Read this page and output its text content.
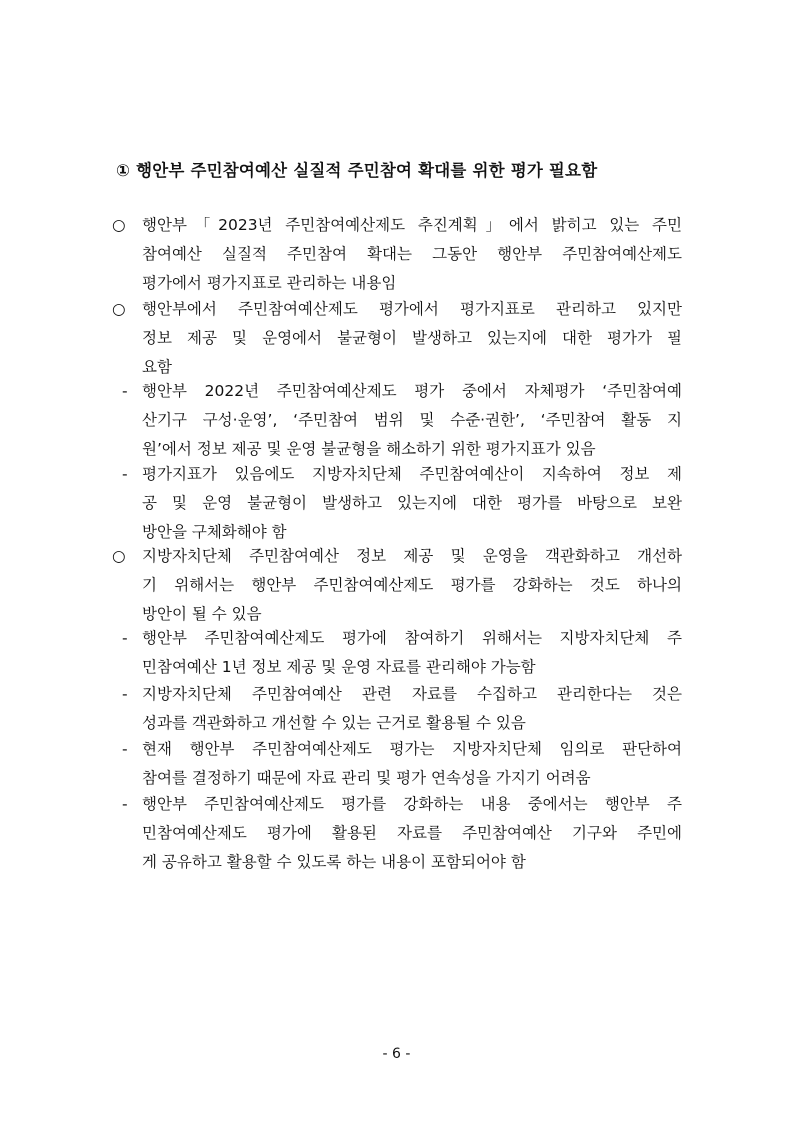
① 행안부 주민참여예산 실질적 주민참여 확대를 위한 평가 필요함
○ 행안부「2023년 주민참여예산제도 추진계획」에서 밝히고 있는 주민
참여예산 실질적 주민참여 확대는 그동안 행안부 주민참여예산제도
평가에서 평가지표로 관리하는 내용임
○ 행안부에서 주민참여예산제도 평가에서 평가지표로 관리하고 있지만
정보 제공 및 운영에서 불균형이 발생하고 있는지에 대한 평가가 필
요함
- 행안부 2022년 주민참여예산제도 평가 중에서 자체평가 ‘주민참여예
산기구 구성·운영’, ‘주민참여 범위 및 수준·권한’, ‘주민참여 활동 지
원’에서 정보 제공 및 운영 불균형을 해소하기 위한 평가지표가 있음
- 평가지표가 있음에도 지방자치단체 주민참여예산이 지속하여 정보 제
공 및 운영 불균형이 발생하고 있는지에 대한 평가를 바탕으로 보완
방안을 구체화해야 함
○ 지방자치단체 주민참여예산 정보 제공 및 운영을 객관화하고 개선하
기 위해서는 행안부 주민참여예산제도 평가를 강화하는 것도 하나의
방안이 될 수 있음
- 행안부 주민참여예산제도 평가에 참여하기 위해서는 지방자치단체 주
민참여예산 1년 정보 제공 및 운영 자료를 관리해야 가능함
- 지방자치단체 주민참여예산 관련 자료를 수집하고 관리한다는 것은
성과를 객관화하고 개선할 수 있는 근거로 활용될 수 있음
- 현재 행안부 주민참여예산제도 평가는 지방자치단체 임의로 판단하여
참여를 결정하기 때문에 자료 관리 및 평가 연속성을 가지기 어려움
- 행안부 주민참여예산제도 평가를 강화하는 내용 중에서는 행안부 주
민참여예산제도 평가에 활용된 자료를 주민참여예산 기구와 주민에
게 공유하고 활용할 수 있도록 하는 내용이 포함되어야 함
- 6 -
